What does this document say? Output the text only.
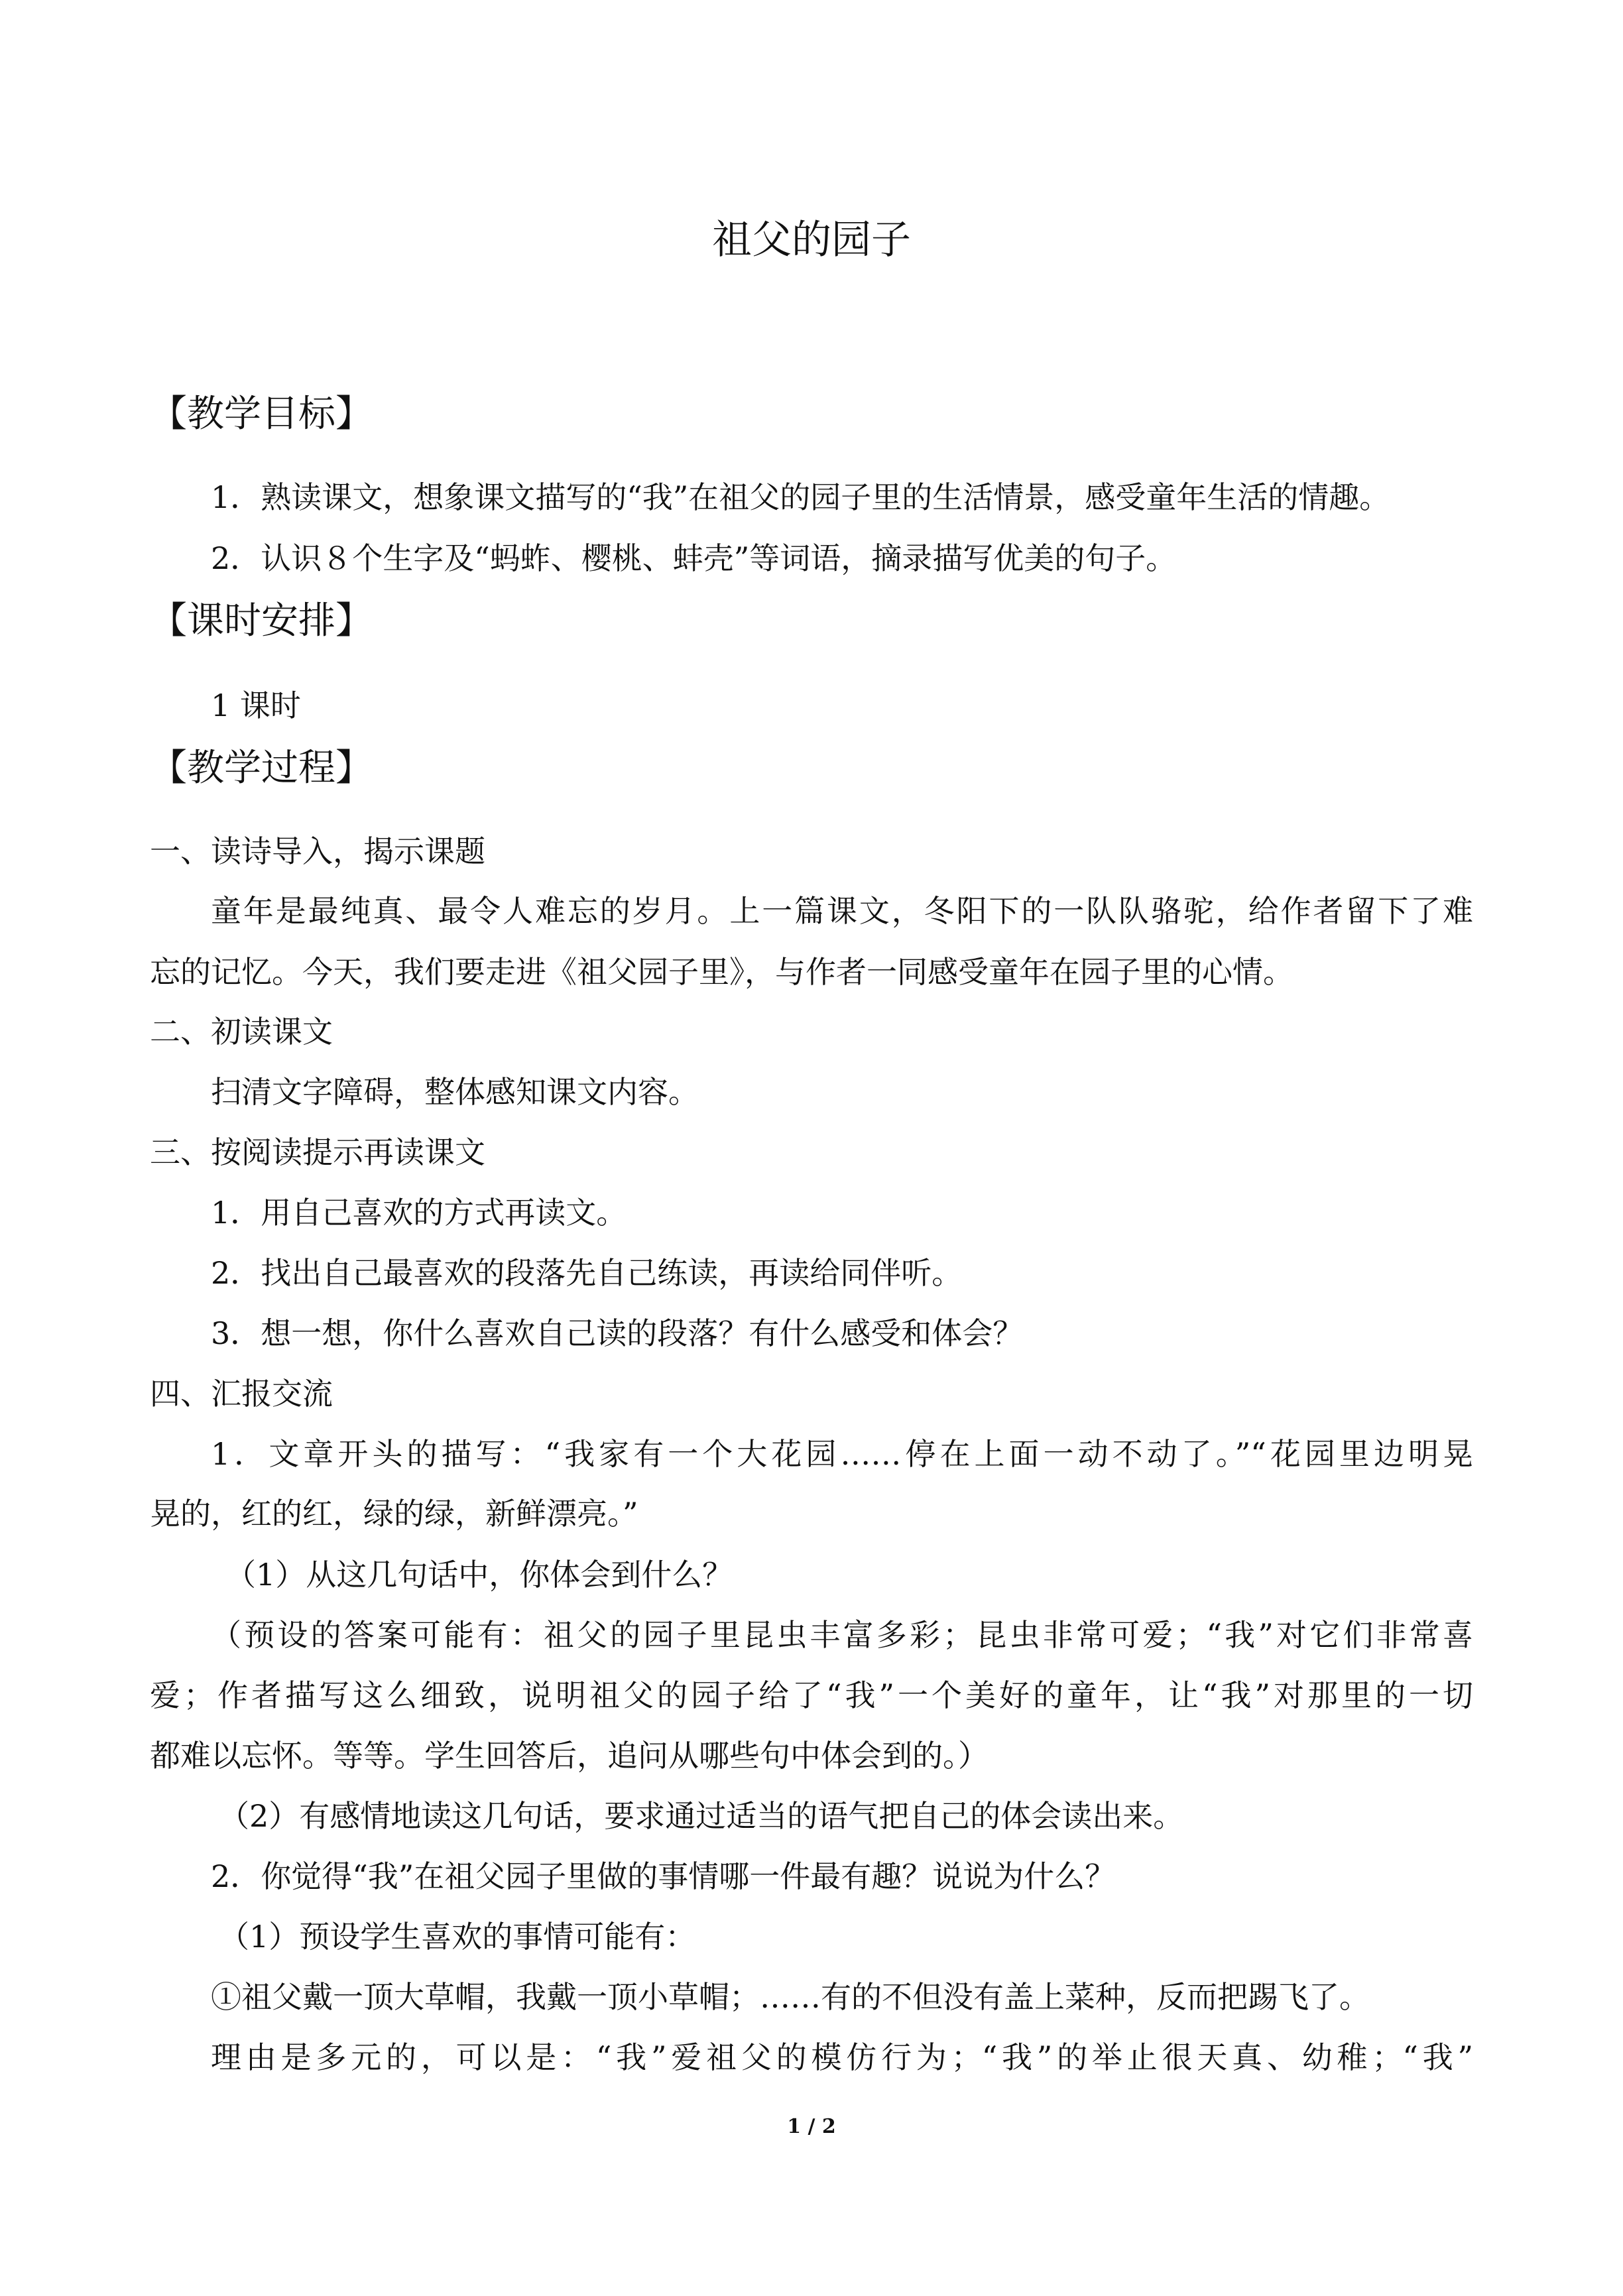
祖父的园子
【教学目标】
1．熟读课文，想象课文描写的“我”在祖父的园子里的生活情景，感受童年生活的情趣。
2．认识８个生字及“蚂蚱、樱桃、蚌壳”等词语，摘录描写优美的句子。
【课时安排】
1 课时
【教学过程】
一、读诗导入，揭示课题
童年是最纯真、最令人难忘的岁月。上一篇课文，冬阳下的一队队骆驼，给作者留下了难
忘的记忆。今天，我们要走进《祖父园子里》，与作者一同感受童年在园子里的心情。
二、初读课文
扫清文字障碍，整体感知课文内容。
三、按阅读提示再读课文
1．用自己喜欢的方式再读文。
2．找出自己最喜欢的段落先自己练读，再读给同伴听。
3．想一想，你什么喜欢自己读的段落？有什么感受和体会？
四、汇报交流
1．文章开头的描写：“我家有一个大花园……停在上面一动不动了。”“花园里边明晃
晃的，红的红，绿的绿，新鲜漂亮。”
（1）从这几句话中，你体会到什么？
（预设的答案可能有：祖父的园子里昆虫丰富多彩；昆虫非常可爱；“我”对它们非常喜
爱；作者描写这么细致，说明祖父的园子给了“我”一个美好的童年，让“我”对那里的一切
都难以忘怀。等等。学生回答后，追问从哪些句中体会到的。）
（2）有感情地读这几句话，要求通过适当的语气把自己的体会读出来。
2．你觉得“我”在祖父园子里做的事情哪一件最有趣？说说为什么？
（1）预设学生喜欢的事情可能有：
①祖父戴一顶大草帽，我戴一顶小草帽；……有的不但没有盖上菜种，反而把踢飞了。
理由是多元的，可以是：“我”爱祖父的模仿行为；“我”的举止很天真、幼稚；“我”
1 / 2
